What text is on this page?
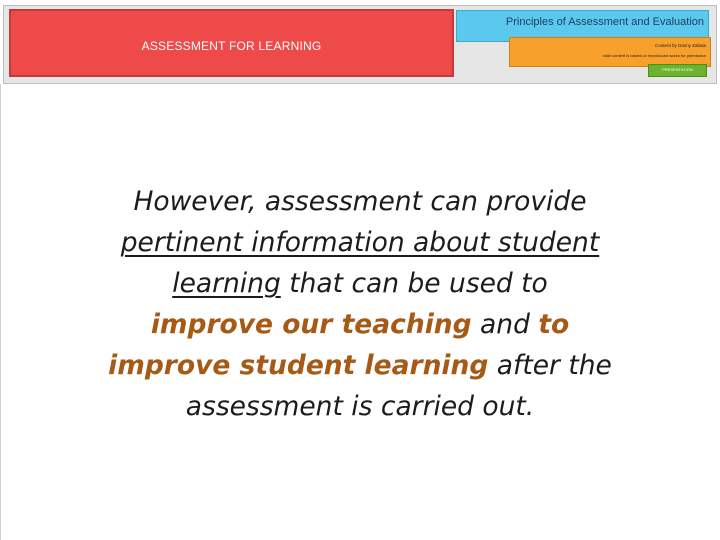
ASSESSMENT FOR LEARNING
Principles of Assessment and Evaluation
Content by Danny Zabala
slide content is based on reproduced works for permission
PRESENTATION
However, assessment can provide
pertinent information about student
learning that can be used to
improve our teaching and to
improve student learning after the
assessment is carried out.
